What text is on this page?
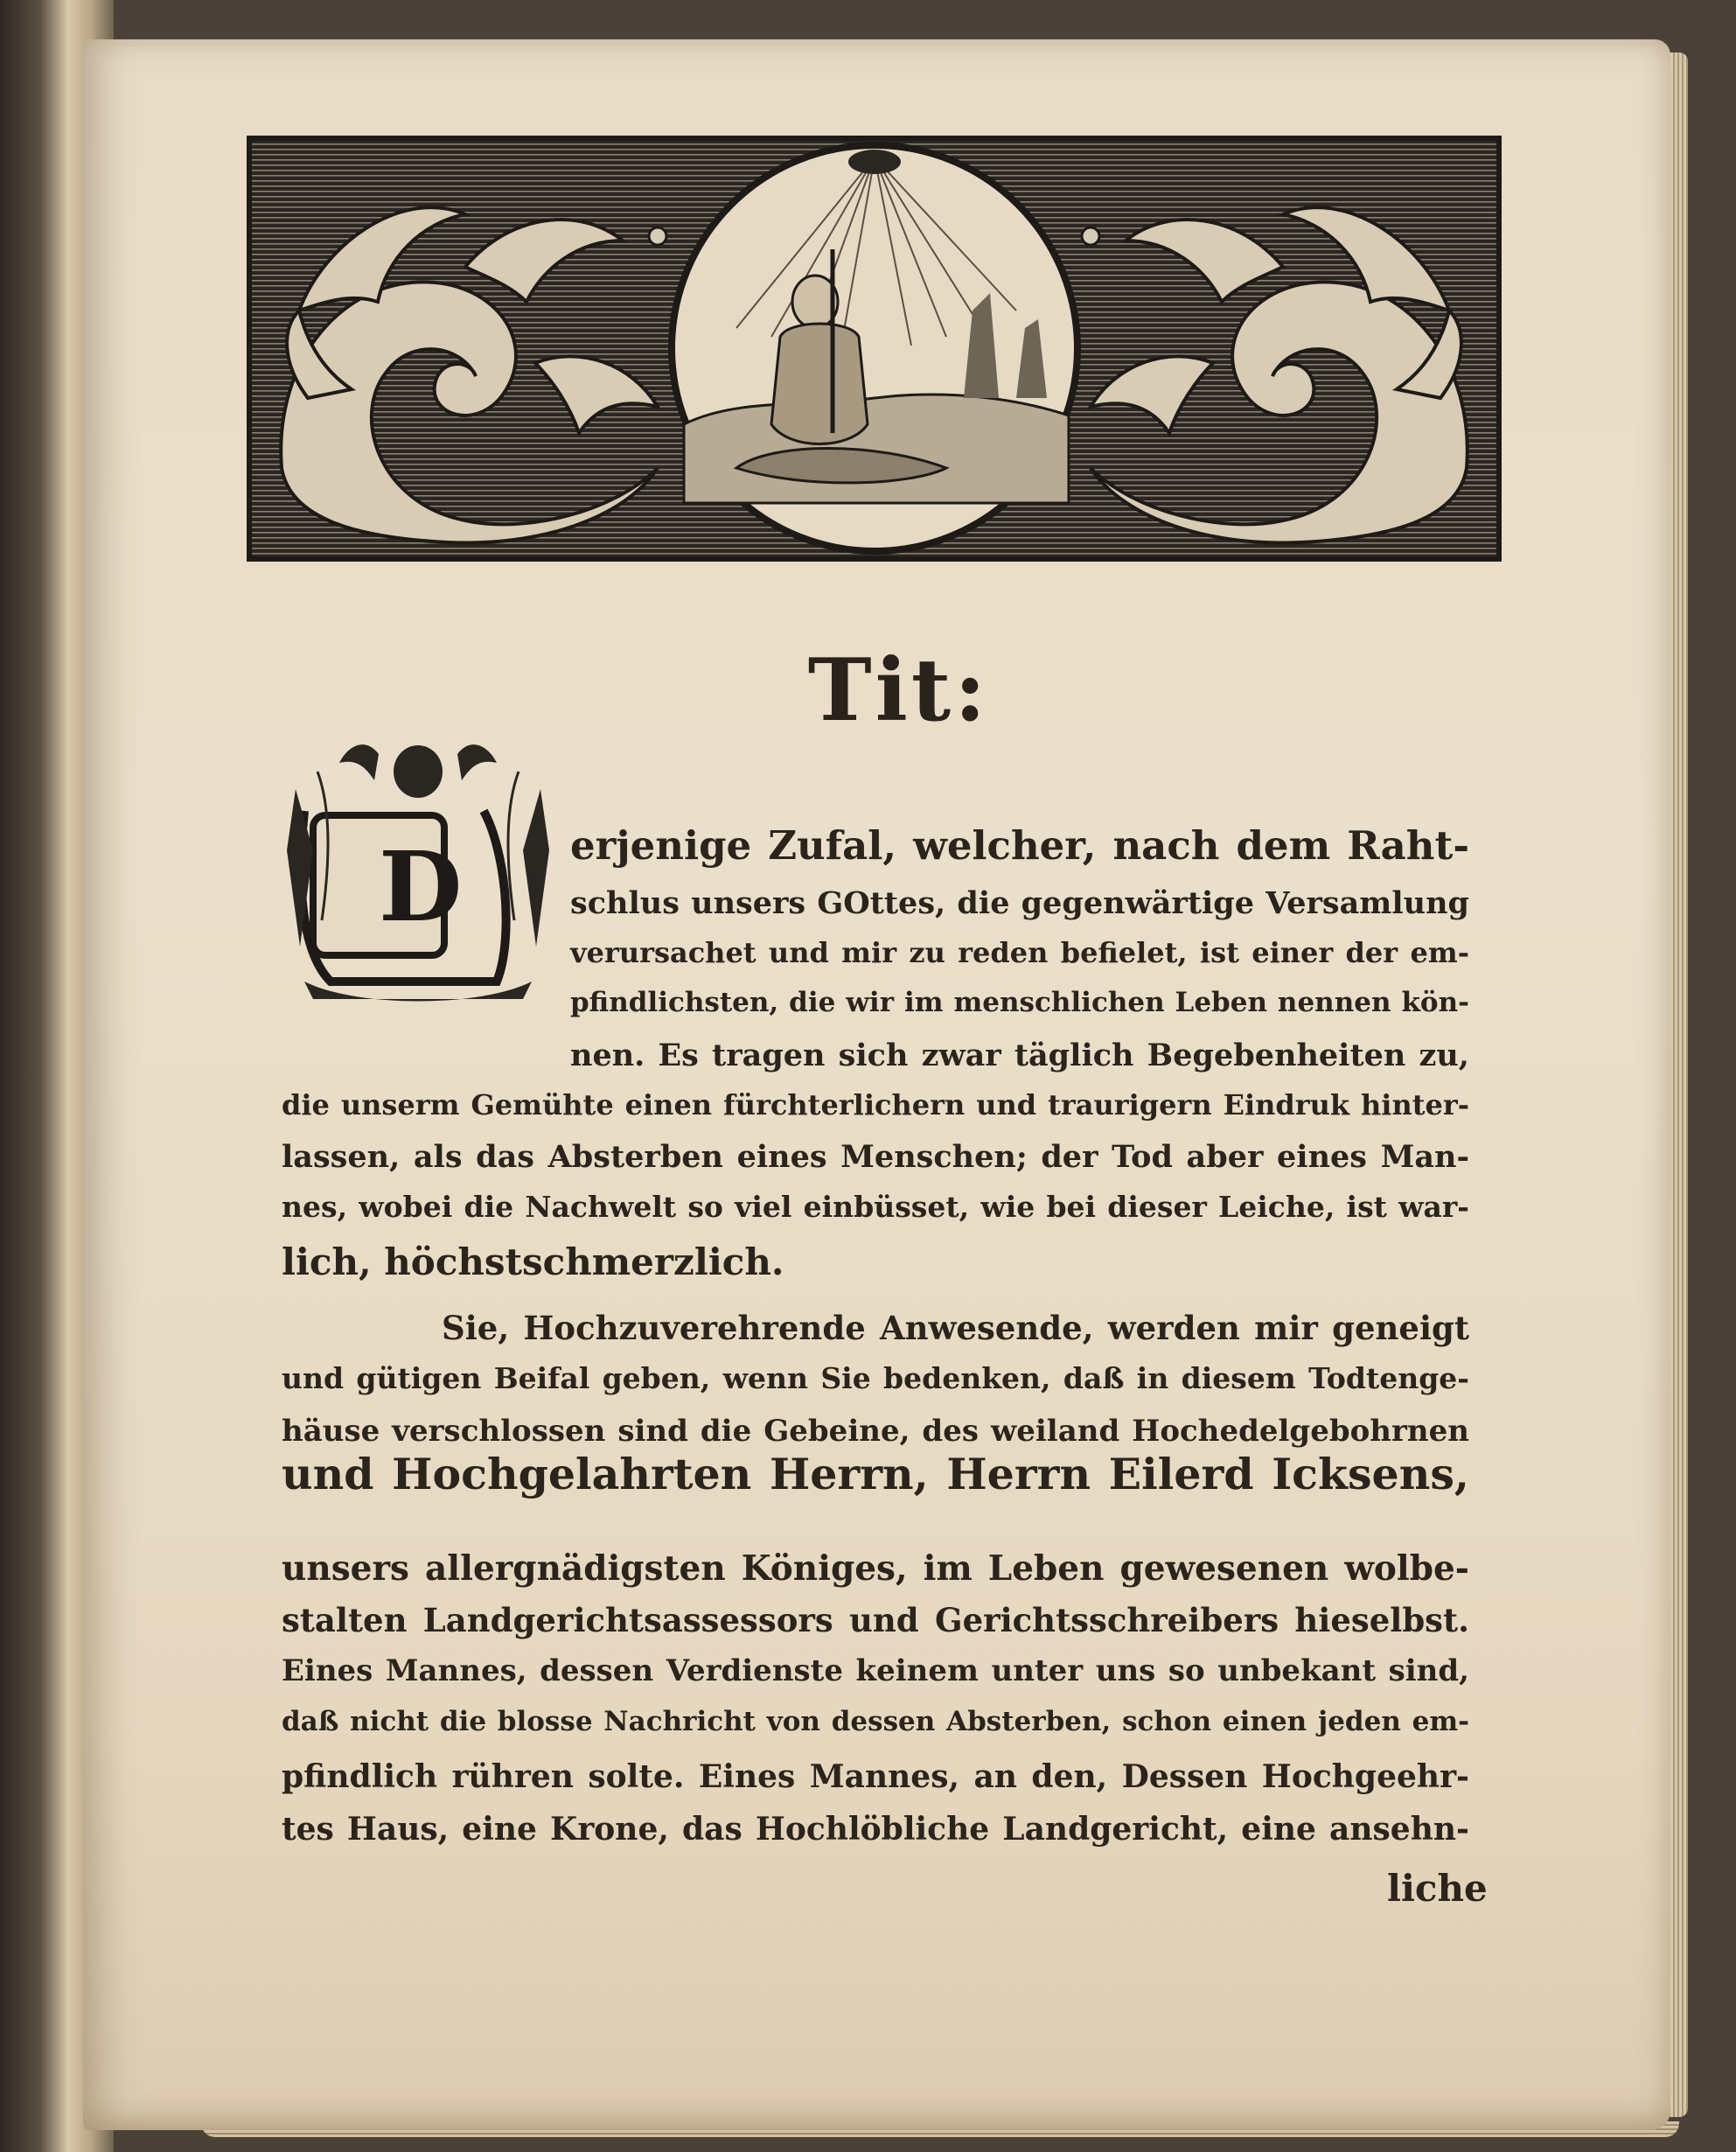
Tit:
D	erjenige Zufal, welcher, nach dem Raht-
schlus unsers GOttes, die gegenwärtige Versamlung
verursachet und mir zu reden befielet, ist einer der em-
pfindlichsten, die wir im menschlichen Leben nennen kön-
nen. Es tragen sich zwar täglich Begebenheiten zu,
die unserm Gemühte einen fürchterlichern und traurigern Eindruk hinter-
lassen, als das Absterben eines Menschen; der Tod aber eines Man-
nes, wobei die Nachwelt so viel einbüsset, wie bei dieser Leiche, ist war-
lich, höchstschmerzlich.
Sie, Hochzuverehrende Anwesende, werden mir geneigt
und gütigen Beifal geben, wenn Sie bedenken, daß in diesem Todtenge-
häuse verschlossen sind die Gebeine, des weiland Hochedelgebohrnen
und Hochgelahrten Herrn, Herrn Eilerd Icksens,
unsers allergnädigsten Königes, im Leben gewesenen wolbe-
stalten Landgerichtsassessors und Gerichtsschreibers hieselbst.
Eines Mannes, dessen Verdienste keinem unter uns so unbekant sind,
daß nicht die blosse Nachricht von dessen Absterben, schon einen jeden em-
pfindlich rühren solte. Eines Mannes, an den, Dessen Hochgeehr-
tes Haus, eine Krone, das Hochlöbliche Landgericht, eine ansehn-
liche
